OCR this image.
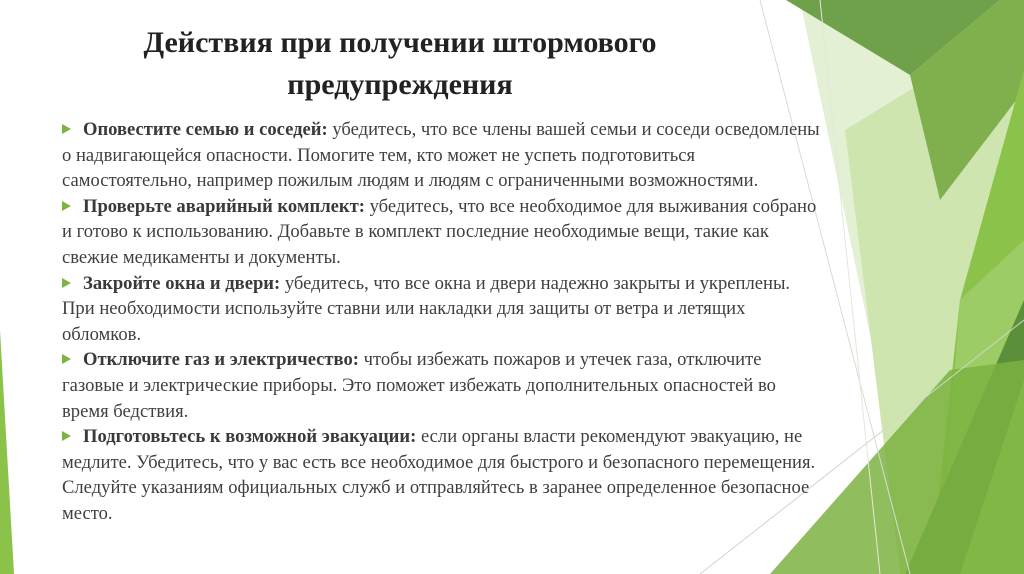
Действия при получении штормового
предупреждения

Оповестите семью и соседей: убедитесь, что все члены вашей семьи и соседи осведомлены о надвигающейся опасности. Помогите тем, кто может не успеть подготовиться самостоятельно, например пожилым людям и людям с ограниченными возможностями.

Проверьте аварийный комплект: убедитесь, что все необходимое для выживания собрано и готово к использованию. Добавьте в комплект последние необходимые вещи, такие как свежие медикаменты и документы.

Закройте окна и двери: убедитесь, что все окна и двери надежно закрыты и укреплены. При необходимости используйте ставни или накладки для защиты от ветра и летящих обломков.

Отключите газ и электричество: чтобы избежать пожаров и утечек газа, отключите газовые и электрические приборы. Это поможет избежать дополнительных опасностей во время бедствия.

Подготовьтесь к возможной эвакуации: если органы власти рекомендуют эвакуацию, не медлите. Убедитесь, что у вас есть все необходимое для быстрого и безопасного перемещения. Следуйте указаниям официальных служб и отправляйтесь в заранее определенное безопасное место.
